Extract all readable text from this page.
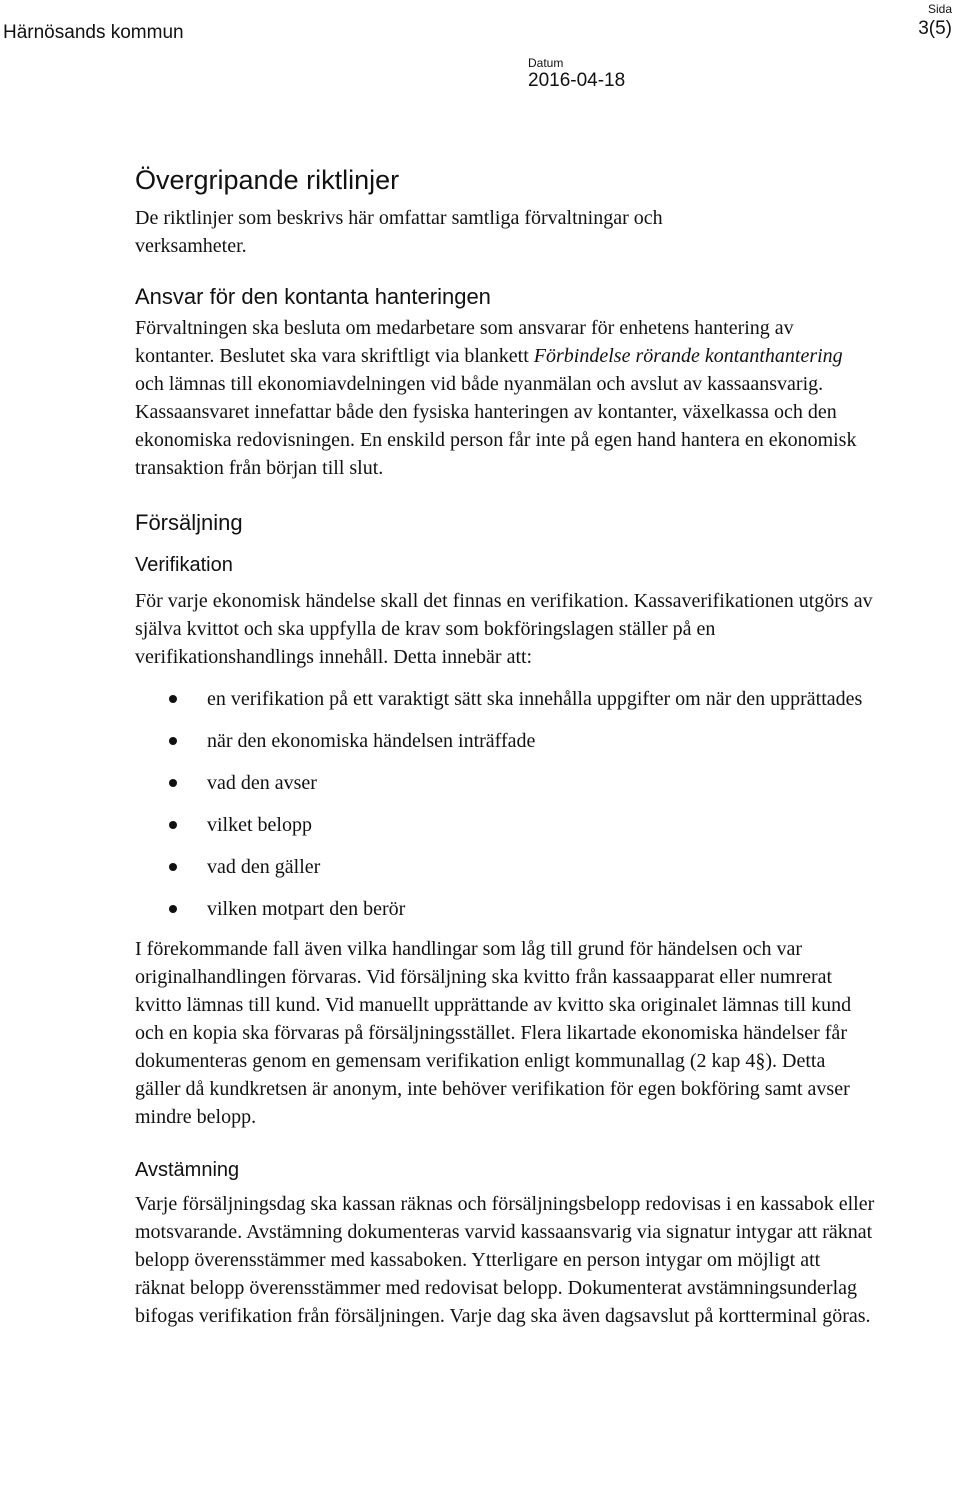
Härnösands kommun
Datum
2016-04-18
Sida
3(5)
Övergripande riktlinjer

De riktlinjer som beskrivs här omfattar samtliga förvaltningar och
verksamheter.

Ansvar för den kontanta hanteringen

Förvaltningen ska besluta om medarbetare som ansvarar för enhetens hantering av kontanter. Beslutet ska vara skriftligt via blankett Förbindelse rörande kontanthantering och lämnas till ekonomiavdelningen vid både nyanmälan och avslut av kassaansvarig. Kassaansvaret innefattar både den fysiska hanteringen av kontanter, växelkassa och den ekonomiska redovisningen. En enskild person får inte på egen hand hantera en ekonomisk transaktion från början till slut.

Försäljning
Verifikation

För varje ekonomisk händelse skall det finnas en verifikation. Kassaverifikationen utgörs av själva kvittot och ska uppfylla de krav som bokföringslagen ställer på en verifikationshandlings innehåll. Detta innebär att:

en verifikation på ett varaktigt sätt ska innehålla uppgifter om när den upprättades
när den ekonomiska händelsen inträffade
vad den avser
vilket belopp
vad den gäller
vilken motpart den berör

I förekommande fall även vilka handlingar som låg till grund för händelsen och var originalhandlingen förvaras. Vid försäljning ska kvitto från kassaapparat eller numrerat kvitto lämnas till kund. Vid manuellt upprättande av kvitto ska originalet lämnas till kund och en kopia ska förvaras på försäljningsstället. Flera likartade ekonomiska händelser får dokumenteras genom en gemensam verifikation enligt kommunallag (2 kap 4§). Detta gäller då kundkretsen är anonym, inte behöver verifikation för egen bokföring samt avser mindre belopp.

Avstämning

Varje försäljningsdag ska kassan räknas och försäljningsbelopp redovisas i en kassabok eller motsvarande. Avstämning dokumenteras varvid kassaansvarig via signatur intygar att räknat belopp överensstämmer med kassaboken. Ytterligare en person intygar om möjligt att räknat belopp överensstämmer med redovisat belopp. Dokumenterat avstämningsunderlag bifogas verifikation från försäljningen. Varje dag ska även dagsavslut på kortterminal göras.
